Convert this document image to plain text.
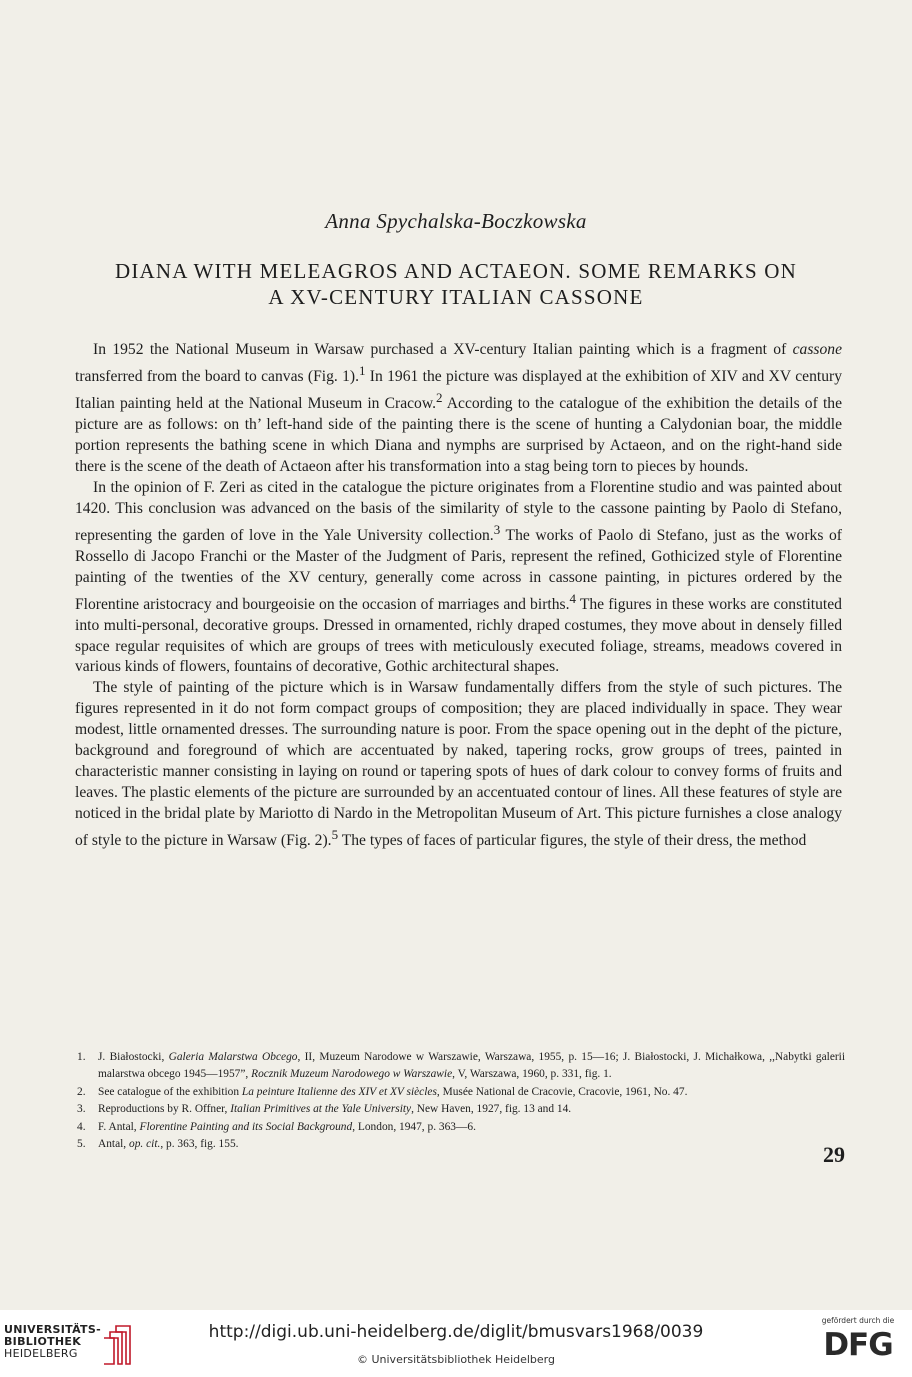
Anna Spychalska-Boczkowska
DIANA WITH MELEAGROS AND ACTAEON. SOME REMARKS ON
A XV-CENTURY ITALIAN CASSONE

In 1952 the National Museum in Warsaw purchased a XV-century Italian painting which is a fragment of cassone transferred from the board to canvas (Fig. 1).$^1$ In 1961 the picture was displayed at the exhibition of XIV and XV century Italian painting held at the National Museum in Cracow.$^2$ According to the catalogue of the exhibition the details of the picture are as follows: on th’ left-hand side of the painting there is the scene of hunting a Calydonian boar, the middle portion represents the bathing scene in which Diana and nymphs are surprised by Actaeon, and on the right-hand side there is the scene of the death of Actaeon after his transformation into a stag being torn to pieces by hounds.

In the opinion of F. Zeri as cited in the catalogue the picture originates from a Florentine studio and was painted about 1420. This conclusion was advanced on the basis of the similarity of style to the cassone painting by Paolo di Stefano, representing the garden of love in the Yale University collection.$^3$ The works of Paolo di Stefano, just as the works of Rossello di Jacopo Franchi or the Master of the Judgment of Paris, represent the refined, Gothicized style of Florentine painting of the twenties of the XV century, generally come across in cassone painting, in pictures ordered by the Florentine aristocracy and bourgeoisie on the occasion of marriages and births.$^4$ The figures in these works are constituted into multi-personal, decorative groups. Dressed in ornamented, richly draped costumes, they move about in densely filled space regular requisites of which are groups of trees with meticulously executed foliage, streams, meadows covered in various kinds of flowers, fountains of decorative, Gothic architectural shapes.

The style of painting of the picture which is in Warsaw fundamentally differs from the style of such pictures. The figures represented in it do not form compact groups of composition; they are placed individually in space. They wear modest, little ornamented dresses. The surrounding nature is poor. From the space opening out in the depht of the picture, background and foreground of which are accentuated by naked, tapering rocks, grow groups of trees, painted in characteristic manner consisting in laying on round or tapering spots of hues of dark colour to convey forms of fruits and leaves. The plastic elements of the picture are surrounded by an accentuated contour of lines. All these features of style are noticed in the bridal plate by Mariotto di Nardo in the Metropolitan Museum of Art. This picture furnishes a close analogy of style to the picture in Warsaw (Fig. 2).$^5$ The types of faces of particular figures, the style of their dress, the method

1. J. Białostocki, Galeria Malarstwa Obcego, II, Muzeum Narodowe w Warszawie, Warszawa, 1955, p. 15—16; J. Białostocki, J. Michałkowa, ,,Nabytki galerii malarstwa obcego 1945—1957”, Rocznik Muzeum Narodowego w Warszawie, V, Warszawa, 1960, p. 331, fig. 1.
2. See catalogue of the exhibition La peinture Italienne des XIV et XV siècles, Musée National de Cracovie, Cracovie, 1961, No. 47.
3. Reproductions by R. Offner, Italian Primitives at the Yale University, New Haven, 1927, fig. 13 and 14.
4. F. Antal, Florentine Painting and its Social Background, London, 1947, p. 363—6.
5. Antal, op. cit., p. 363, fig. 155.	29
UNIVERSITÄTS-
BIBLIOTHEK
HEIDELBERG
http://digi.ub.uni-heidelberg.de/diglit/bmusvars1968/0039
© Universitätsbibliothek Heidelberg
gefördert durch die
DFG
